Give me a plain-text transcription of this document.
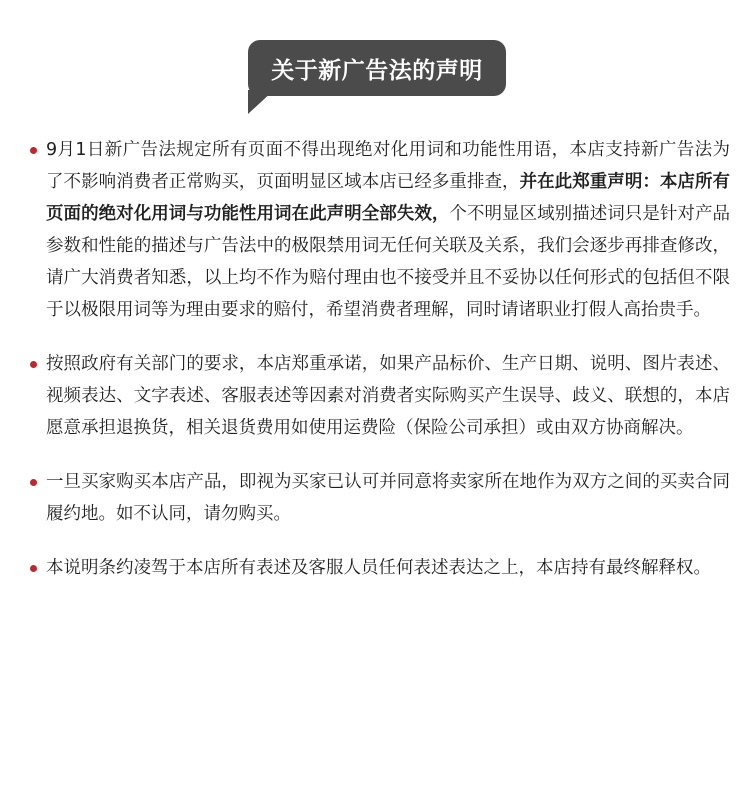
关于新广告法的声明

9月1日新广告法规定所有页面不得出现绝对化用词和功能性用语，本店支持新广告法为了不影响消费者正常购买，页面明显区域本店已经多重排查，并在此郑重声明：本店所有页面的绝对化用词与功能性用词在此声明全部失效，个不明显区域别描述词只是针对产品参数和性能的描述与广告法中的极限禁用词无任何关联及关系，我们会逐步再排查修改，请广大消费者知悉，以上均不作为赔付理由也不接受并且不妥协以任何形式的包括但不限于以极限用词等为理由要求的赔付，希望消费者理解，同时请诸职业打假人高抬贵手。

按照政府有关部门的要求，本店郑重承诺，如果产品标价、生产日期、说明、图片表述、视频表达、文字表述、客服表述等因素对消费者实际购买产生误导、歧义、联想的，本店愿意承担退换货，相关退货费用如使用运费险（保险公司承担）或由双方协商解决。

一旦买家购买本店产品，即视为买家已认可并同意将卖家所在地作为双方之间的买卖合同履约地。如不认同，请勿购买。

本说明条约凌驾于本店所有表述及客服人员任何表述表达之上，本店持有最终解释权。
